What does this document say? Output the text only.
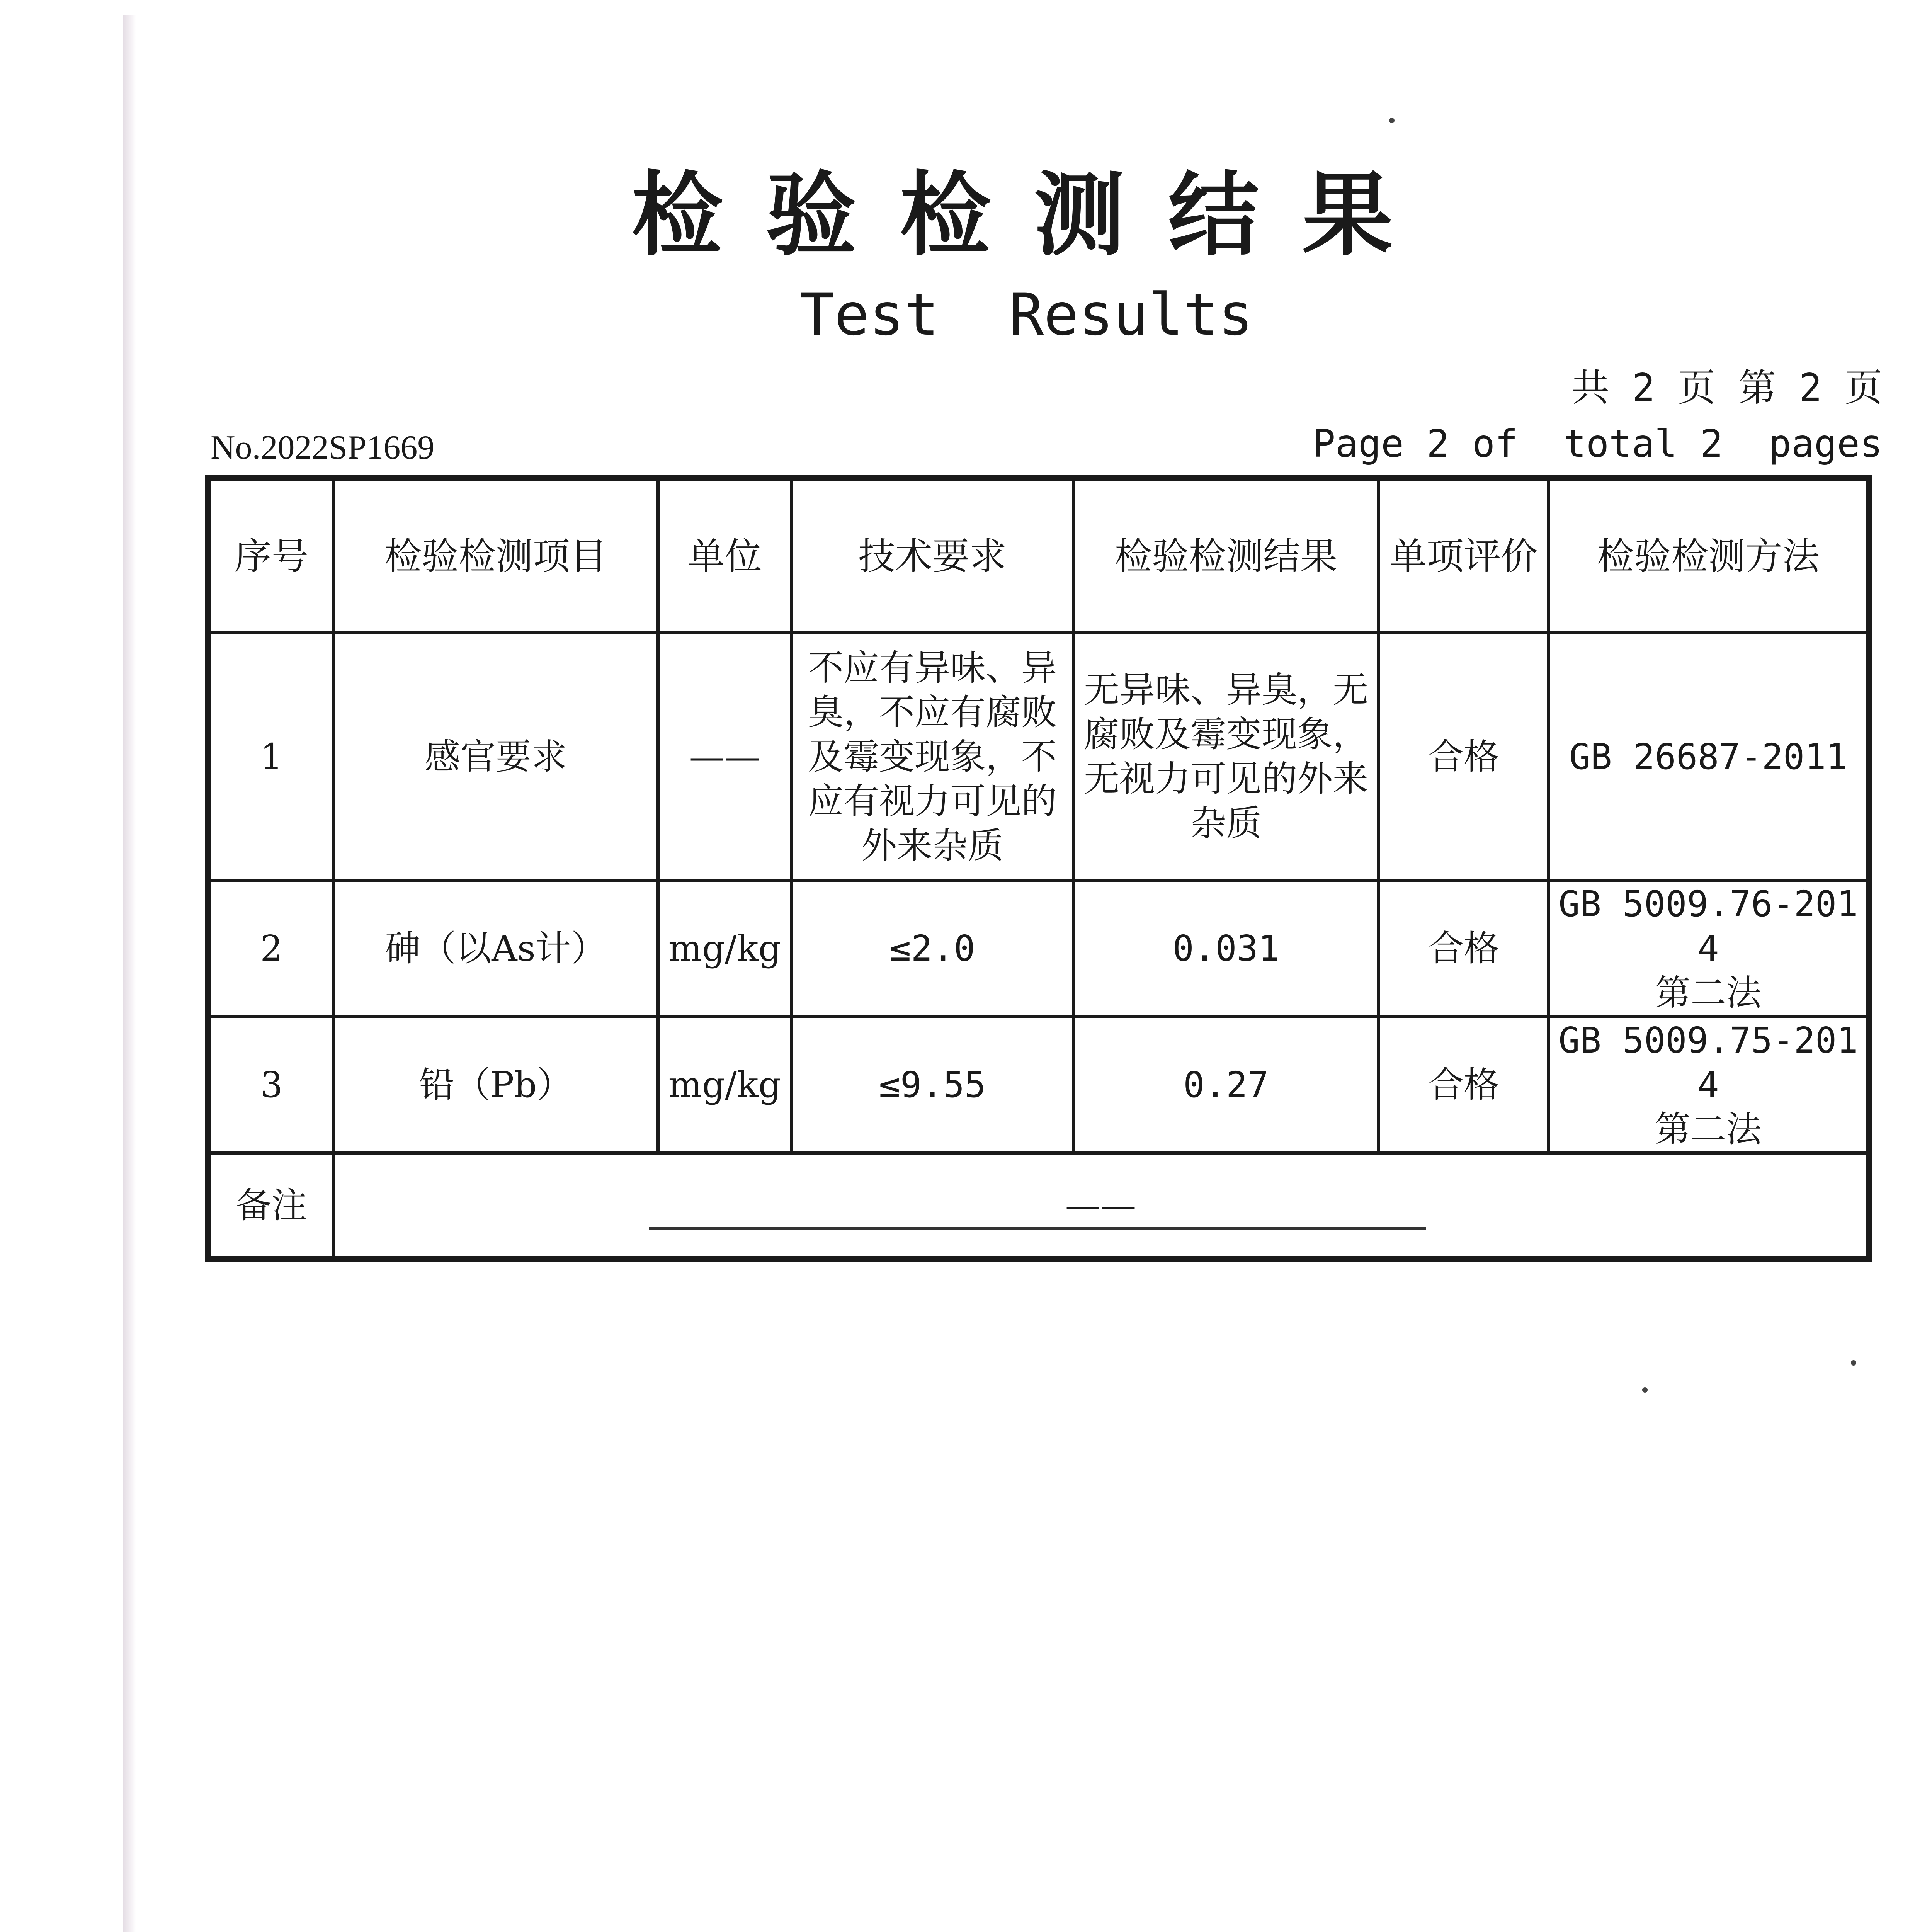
检验检测结果
Test  Results
共 2 页 第 2 页
Page 2 of  total 2  pages
No.2022SP1669
序号	检验检测项目	单位	技术要求	检验检测结果	单项评价	检验检测方法
1	感官要求	——	不应有异味、异臭，不应有腐败及霉变现象，不应有视力可见的外来杂质	无异味、异臭，无腐败及霉变现象，无视力可见的外来杂质	合格	GB 26687-2011
2	砷（以As计）	mg/kg	≤2.0	0.031	合格	GB 5009.76-2014
第二法

3	铅（Pb）	mg/kg	≤9.55	0.27	合格	GB 5009.75-2014
第二法

备注	——					
